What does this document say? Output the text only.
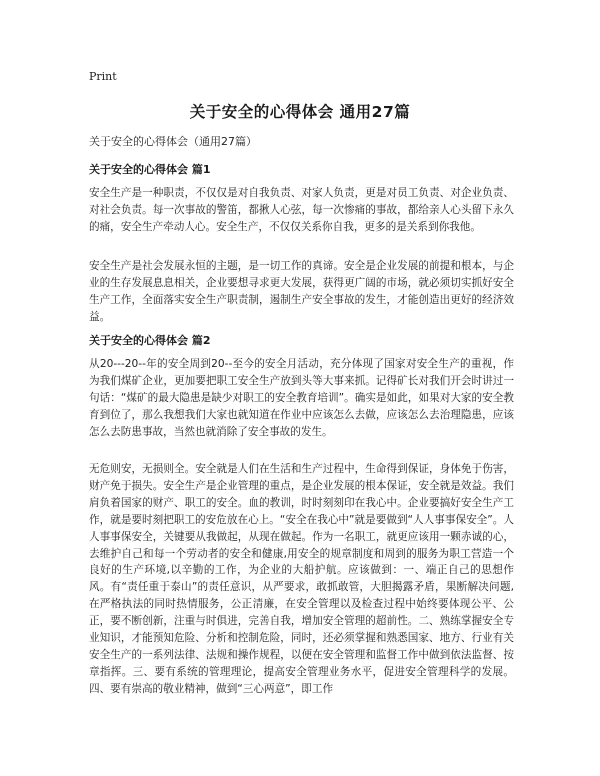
Print
关于安全的心得体会 通用27篇

关于安全的心得体会（通用27篇）

关于安全的心得体会 篇1

安全生产是一种职责，不仅仅是对自我负责、对家人负责，更是对员工负责、对企业负责、对社会负责。每一次事故的警笛，都揪人心弦，每一次惨痛的事故，都给亲人心头留下永久的痛，安全生产牵动人心。安全生产，不仅仅关系你自我，更多的是关系到你我他。

安全生产是社会发展永恒的主题，是一切工作的真谛。安全是企业发展的前提和根本，与企业的生存发展息息相关，企业要想寻求更大发展，获得更广阔的市场，就必须切实抓好安全生产工作，全面落实安全生产职责制，遏制生产安全事故的发生，才能创造出更好的经济效益。

关于安全的心得体会 篇2

从20---20--年的安全周到20--至今的安全月活动，充分体现了国家对安全生产的重视，作为我们煤矿企业，更加要把职工安全生产放到头等大事来抓。记得矿长对我们开会时讲过一句话：“煤矿的最大隐患是缺少对职工的安全教育培训”。确实是如此，如果对大家的安全教育到位了，那么我想我们大家也就知道在作业中应该怎么去做，应该怎么去治理隐患，应该怎么去防患事故，当然也就消除了安全事故的发生。

无危则安，无损则全。安全就是人们在生活和生产过程中，生命得到保证，身体免于伤害，财产免于损失。安全生产是企业管理的重点，是企业发展的根本保证，安全就是效益。我们肩负着国家的财产、职工的安全。血的教训，时时刻刻印在我心中。企业要搞好安全生产工作，就是要时刻把职工的安危放在心上。“安全在我心中”就是要做到“人人事事保安全”。人人事事保安全，关键要从我做起，从现在做起。作为一名职工，就更应该用一颗赤诚的心，去维护自己和每一个劳动者的安全和健康,用安全的规章制度和周到的服务为职工营造一个良好的生产环境,以辛勤的工作，为企业的大船护航。应该做到：一、端正自己的思想作风。有“责任重于泰山”的责任意识，从严要求，敢抓敢管，大胆揭露矛盾，果断解决问题,在严格执法的同时热情服务，公正清廉，在安全管理以及检查过程中始终要体现公平、公正，要不断创新，注重与时俱进，完善自我，增加安全管理的超前性。二、熟练掌握安全专业知识，才能预知危险、分析和控制危险，同时，还必须掌握和熟悉国家、地方、行业有关安全生产的一系列法律、法规和操作规程，以便在安全管理和监督工作中做到依法监督、按章指挥。三、要有系统的管理理论，提高安全管理业务水平，促进安全管理科学的发展。四、要有崇高的敬业精神，做到“三心两意”，即工作
